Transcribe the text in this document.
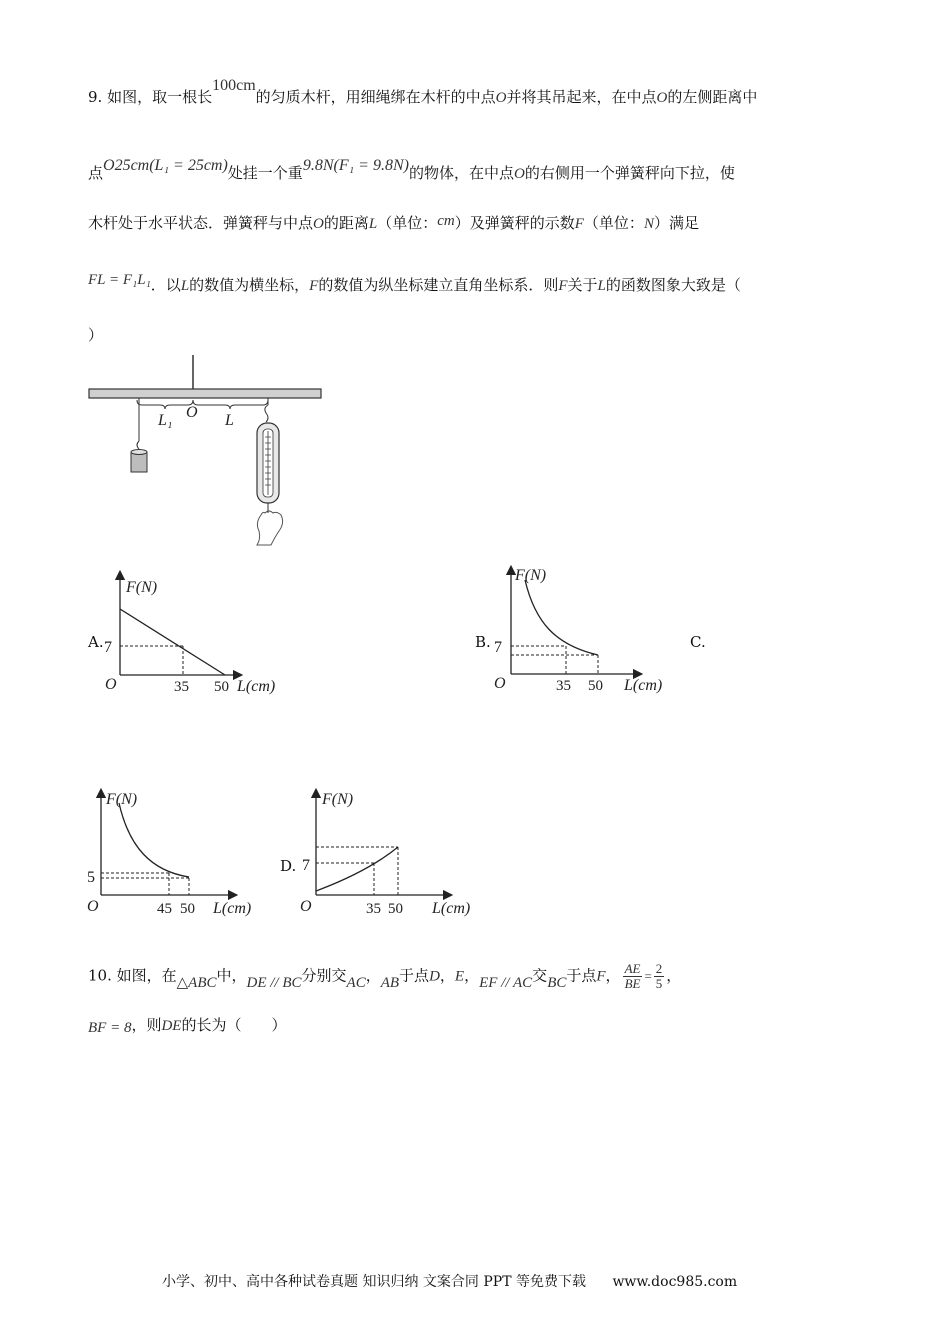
9. 如图，取一根长100cm的匀质木杆，用细绳绑在木杆的中点O并将其吊起来，在中点O的左侧距离中
点O25cm(L₁ = 25cm)处挂一个重9.8N(F₁ = 9.8N)的物体，在中点O的右侧用一个弹簧秤向下拉，使
木杆处于水平状态．弹簧秤与中点O的距离L（单位：cm）及弹簧秤的示数F（单位：N）满足
FL = F₁L₁．以L的数值为横坐标，F的数值为纵坐标建立直角坐标系．则F关于L的函数图象大致是（
）
L₁ O L
A.
F(N)
7
O	35 50 L(cm)
B.
F(N)
7
O	35 50 L(cm)
C.
F(N)
5
O	45 50 L(cm)
D.
F(N)
7
O	35 50 L(cm)
10. 如图，在△ABC中，DE // BC分别交AC，AB于点D，E，EF // AC交BC于点F， $\frac{AE}{BE} = \frac{2}{5}$ ，
BF = 8，则DE的长为（　　）
小学、初中、高中各种试卷真题 知识归纳 文案合同 PPT 等免费下载 www.doc985.com
